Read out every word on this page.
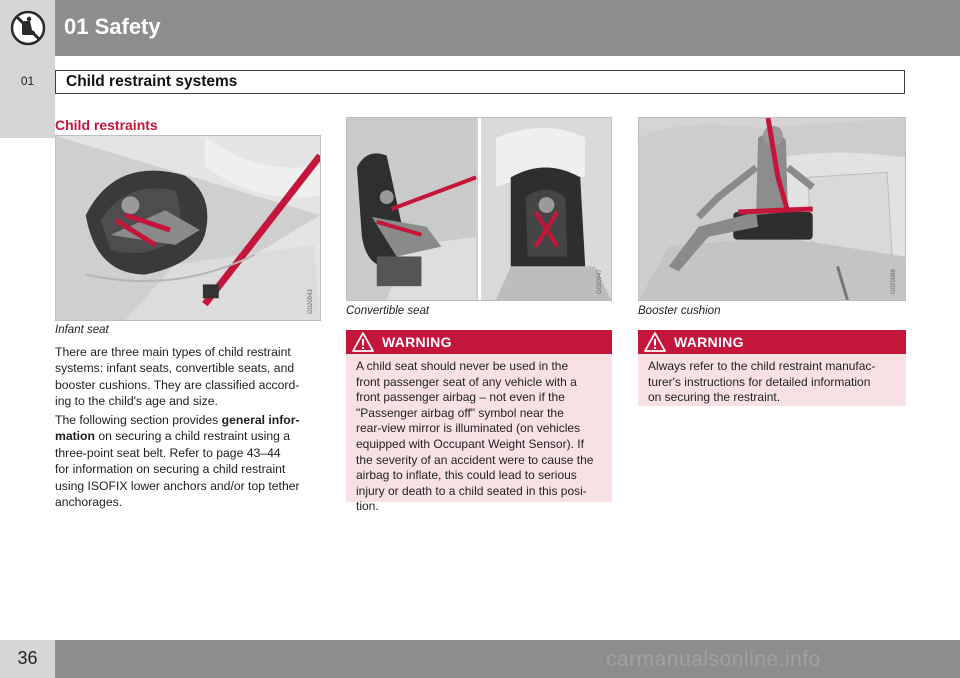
01 Safety
01	Child restraint systems
Child restraints
G020943
Infant seat
There are three main types of child restraint
systems: infant seats, convertible seats, and
booster cushions. They are classified accord-
ing to the child's age and size.
The following section provides general infor-
mation on securing a child restraint using a
three-point seat belt. Refer to page 43–44
for information on securing a child restraint
using ISOFIX lower anchors and/or top tether
anchorages.
G020947
Convertible seat
WARNING
A child seat should never be used in the
front passenger seat of any vehicle with a
front passenger airbag – not even if the
"Passenger airbag off" symbol near the
rear-view mirror is illuminated (on vehicles
equipped with Occupant Weight Sensor). If
the severity of an accident were to cause the
airbag to inflate, this could lead to serious
injury or death to a child seated in this posi-
tion.
G020988
Booster cushion
WARNING
Always refer to the child restraint manufac-
turer's instructions for detailed information
on securing the restraint.
36	carmanualsonline.info
